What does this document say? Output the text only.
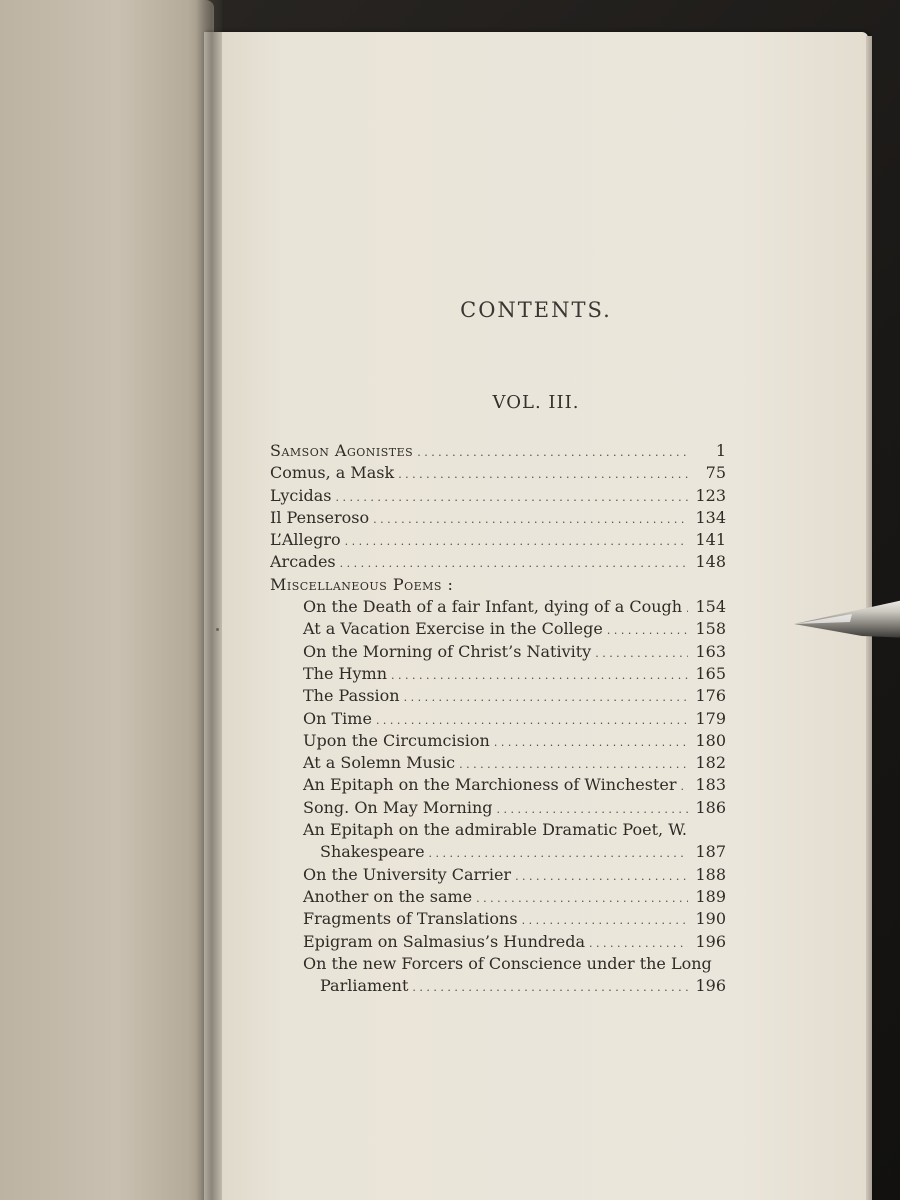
CONTENTS.
VOL. III.
Samson Agonistes . . .	1
Comus, a Mask . . .	75
Lycidas . . .	123
Il Penseroso . . .	134
L’Allegro . . .	141
Arcades . . .	148
Miscellaneous Poems :
On the Death of a fair Infant, dying of a Cough . . . 154
At a Vacation Exercise in the College . . .	158
On the Morning of Christ’s Nativity . . .	163
The Hymn . . .	165
The Passion . . .	176
On Time . . .	179
Upon the Circumcision . . .	180
At a Solemn Music . . .	182
An Epitaph on the Marchioness of Winchester . . . 183
Song. On May Morning . . .	186
An Epitaph on the admirable Dramatic Poet, W.
Shakespeare . . .	187
On the University Carrier . . .	188
Another on the same . . .	189
Fragments of Translations . . .	190
Epigram on Salmasius’s Hundreda . . .	196
On the new Forcers of Conscience under the Long
Parliament . . .	196
